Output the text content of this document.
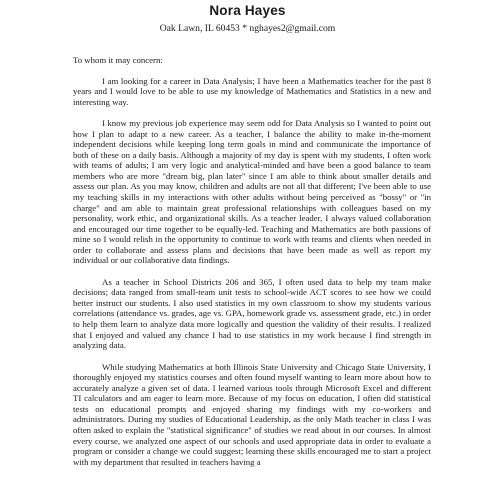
Nora Hayes
Oak Lawn, IL 60453 * nghayes2@gmail.com

To whom it may concern:

I am looking for a career in Data Analysis; I have been a Mathematics teacher for the past 8 years and I would love to be able to use my knowledge of Mathematics and Statistics in a new and interesting way.

I know my previous job experience may seem odd for Data Analysis so I wanted to point out how I plan to adapt to a new career. As a teacher, I balance the ability to make in-the-moment independent decisions while keeping long term goals in mind and communicate the importance of both of these on a daily basis. Although a majority of my day is spent with my students, I often work with teams of adults; I am very logic and analytical-minded and have been a good balance to team members who are more "dream big, plan later" since I am able to think about smaller details and assess our plan. As you may know, children and adults are not all that different; I've been able to use my teaching skills in my interactions with other adults without being perceived as "bossy" or "in charge" and am able to maintain great professional relationships with colleagues based on my personality, work ethic, and organizational skills. As a teacher leader, I always valued collaboration and encouraged our time together to be equally-led. Teaching and Mathematics are both passions of mine so I would relish in the opportunity to continue to work with teams and clients when needed in order to collaborate and assess plans and decisions that have been made as well as report my individual or our collaborative data findings.

As a teacher in School Districts 206 and 365, I often used data to help my team make decisions; data ranged from small-team unit tests to school-wide ACT scores to see how we could better instruct our students. I also used statistics in my own classroom to show my students various correlations (attendance vs. grades, age vs. GPA, homework grade vs. assessment grade, etc.) in order to help them learn to analyze data more logically and question the validity of their results. I realized that I enjoyed and valued any chance I had to use statistics in my work because I find strength in analyzing data.

While studying Mathematics at both Illinois State University and Chicago State University, I thoroughly enjoyed my statistics courses and often found myself wanting to learn more about how to accurately analyze a given set of data. I learned various tools through Microsoft Excel and different TI calculators and am eager to learn more. Because of my focus on education, I often did statistical tests on educational prompts and enjoyed sharing my findings with my co-workers and administrators. During my studies of Educational Leadership, as the only Math teacher in class I was often asked to explain the "statistical significance" of studies we read about in our courses. In almost every course, we analyzed one aspect of our schools and used appropriate data in order to evaluate a program or consider a change we could suggest; learning these skills encouraged me to start a project with my department that resulted in teachers having a
